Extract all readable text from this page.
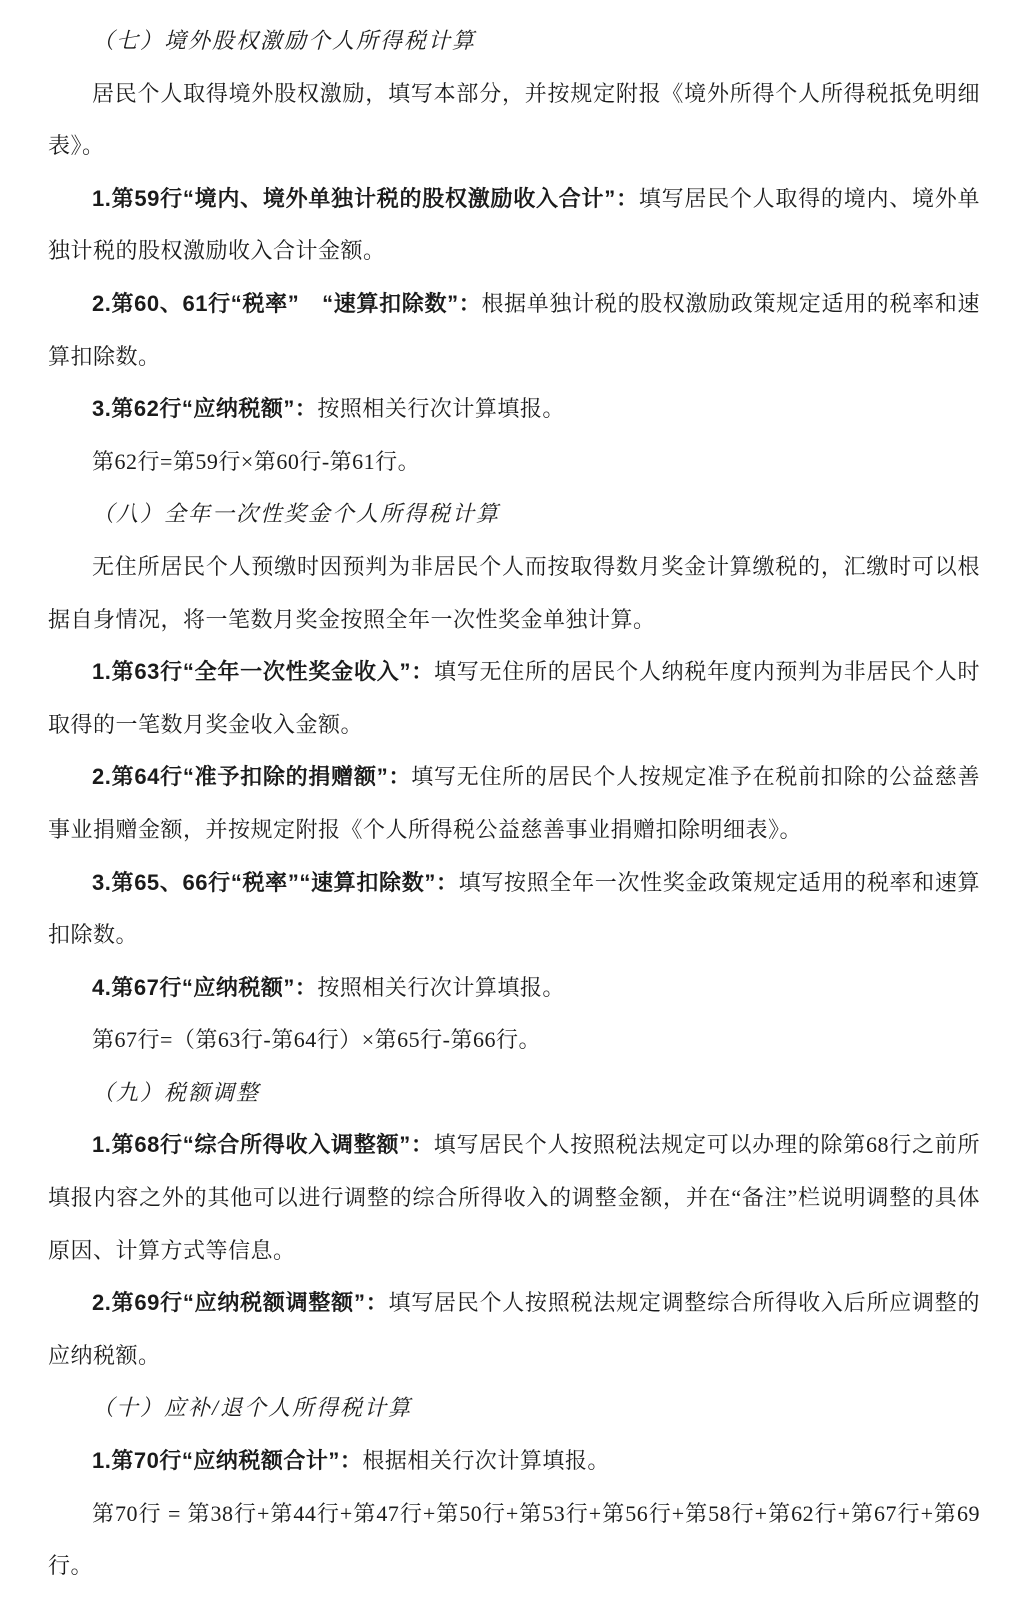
（七）境外股权激励个人所得税计算

居民个人取得境外股权激励，填写本部分，并按规定附报《境外所得个人所得税抵免明细表》。

1.第59行“境内、境外单独计税的股权激励收入合计”：填写居民个人取得的境内、境外单独计税的股权激励收入合计金额。

2.第60、61行“税率”　“速算扣除数”：根据单独计税的股权激励政策规定适用的税率和速算扣除数。

3.第62行“应纳税额”：按照相关行次计算填报。

第62行=第59行×第60行-第61行。

（八）全年一次性奖金个人所得税计算

无住所居民个人预缴时因预判为非居民个人而按取得数月奖金计算缴税的，汇缴时可以根据自身情况，将一笔数月奖金按照全年一次性奖金单独计算。

1.第63行“全年一次性奖金收入”：填写无住所的居民个人纳税年度内预判为非居民个人时取得的一笔数月奖金收入金额。

2.第64行“准予扣除的捐赠额”：填写无住所的居民个人按规定准予在税前扣除的公益慈善事业捐赠金额，并按规定附报《个人所得税公益慈善事业捐赠扣除明细表》。

3.第65、66行“税率”“速算扣除数”：填写按照全年一次性奖金政策规定适用的税率和速算扣除数。

4.第67行“应纳税额”：按照相关行次计算填报。

第67行=（第63行-第64行）×第65行-第66行。

（九）税额调整

1.第68行“综合所得收入调整额”：填写居民个人按照税法规定可以办理的除第68行之前所填报内容之外的其他可以进行调整的综合所得收入的调整金额，并在“备注”栏说明调整的具体原因、计算方式等信息。

2.第69行“应纳税额调整额”：填写居民个人按照税法规定调整综合所得收入后所应调整的应纳税额。

（十）应补/退个人所得税计算

1.第70行“应纳税额合计”：根据相关行次计算填报。

第70行 = 第38行+第44行+第47行+第50行+第53行+第56行+第58行+第62行+第67行+第69行。
